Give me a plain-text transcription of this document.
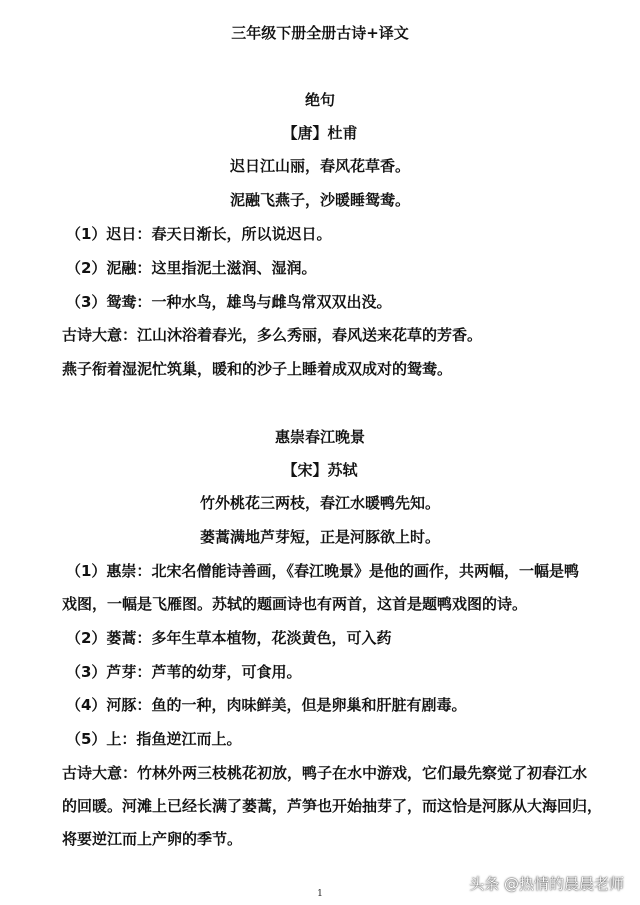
三年级下册全册古诗+译文
绝句
【唐】杜甫
迟日江山丽，春风花草香。
泥融飞燕子，沙暖睡鸳鸯。
（1）迟日：春天日渐长，所以说迟日。
（2）泥融：这里指泥土滋润、湿润。
（3）鸳鸯：一种水鸟，雄鸟与雌鸟常双双出没。
古诗大意：江山沐浴着春光，多么秀丽，春风送来花草的芳香。
燕子衔着湿泥忙筑巢，暖和的沙子上睡着成双成对的鸳鸯。
惠崇春江晚景
【宋】苏轼
竹外桃花三两枝，春江水暖鸭先知。
蒌蒿满地芦芽短，正是河豚欲上时。
（1）惠崇：北宋名僧能诗善画，《春江晚景》是他的画作，共两幅，一幅是鸭
戏图，一幅是飞雁图。苏轼的题画诗也有两首，这首是题鸭戏图的诗。
（2）蒌蒿：多年生草本植物，花淡黄色，可入药
（3）芦芽：芦苇的幼芽，可食用。
（4）河豚：鱼的一种，肉味鲜美，但是卵巢和肝脏有剧毒。
（5）上：指鱼逆江而上。
古诗大意：竹林外两三枝桃花初放，鸭子在水中游戏，它们最先察觉了初春江水
的回暖。河滩上已经长满了蒌蒿，芦笋也开始抽芽了，而这恰是河豚从大海回归，
将要逆江而上产卵的季节。
1
头条 @热情的晨晨老师
